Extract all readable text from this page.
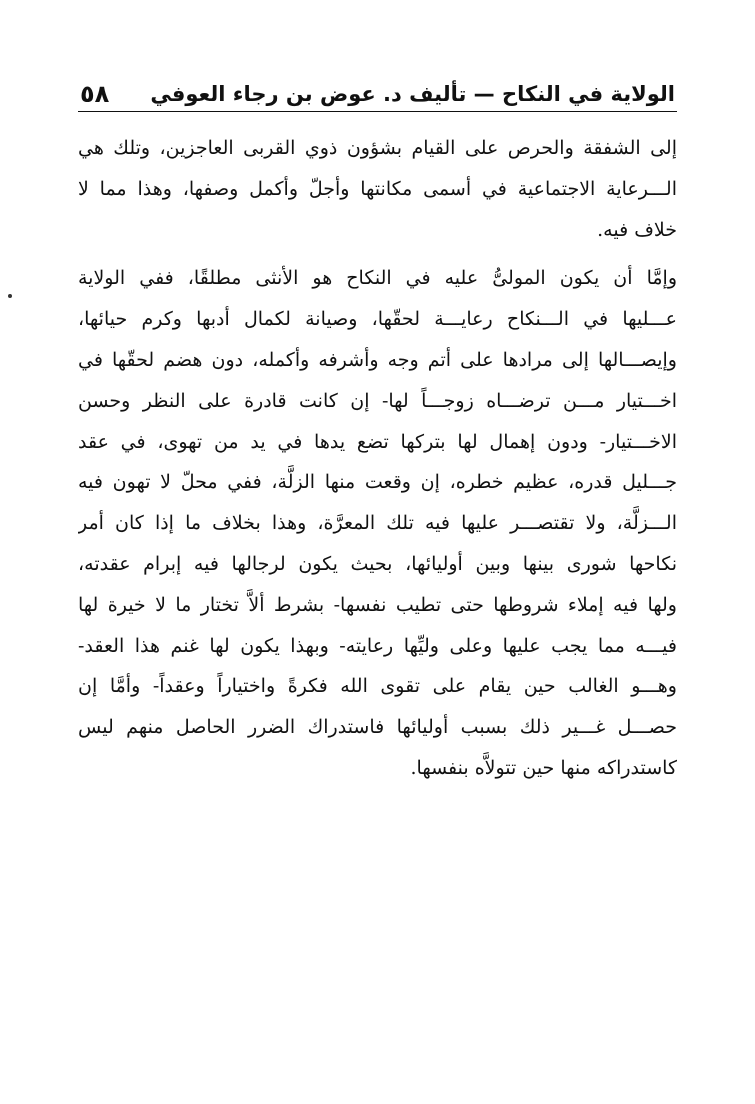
الولاية في النكاح — تأليف د. عوض بن رجاء العوفي
٥٨
إلى الشفقة والحرص على القيام بشؤون ذوي القربى العاجزين، وتلك هي
الـــرعاية الاجتماعية في أسمى مكانتها وأجلّ وأكمل وصفها، وهذا مما لا
خلاف فيه.
وإمَّا أن يكون المولىُّ عليه في النكاح هو الأنثى مطلقًا، ففي الولاية
عـــليها في الـــنكاح رعايـــة لحقّها، وصيانة لكمال أدبها وكرم حيائها،
وإيصـــالها إلى مرادها على أتم وجه وأشرفه وأكمله، دون هضم لحقّها في
اخـــتيار مـــن ترضـــاه زوجـــاً لها- إن كانت قادرة على النظر وحسن
الاخـــتيار- ودون إهمال لها بتركها تضع يدها في يد من تهوى، في عقد
جـــليل قدره، عظيم خطره، إن وقعت منها الزلَّة، ففي محلّ لا تهون فيه
الـــزلَّة، ولا تقتصـــر عليها فيه تلك المعرَّة، وهذا بخلاف ما إذا كان أمر
نكاحها شورى بينها وبين أوليائها، بحيث يكون لرجالها فيه إبرام عقدته،
ولها فيه إملاء شروطها حتى تطيب نفسها- بشرط ألاَّ تختار ما لا خيرة لها
فيـــه مما يجب عليها وعلى وليِّها رعايته- وبهذا يكون لها غنم هذا العقد-
وهـــو الغالب حين يقام على تقوى الله فكرةً واختياراً وعقداً- وأمَّا إن
حصـــل غـــير ذلك بسبب أوليائها فاستدراك الضرر الحاصل منهم ليس
كاستدراكه منها حين تتولاَّه بنفسها.
